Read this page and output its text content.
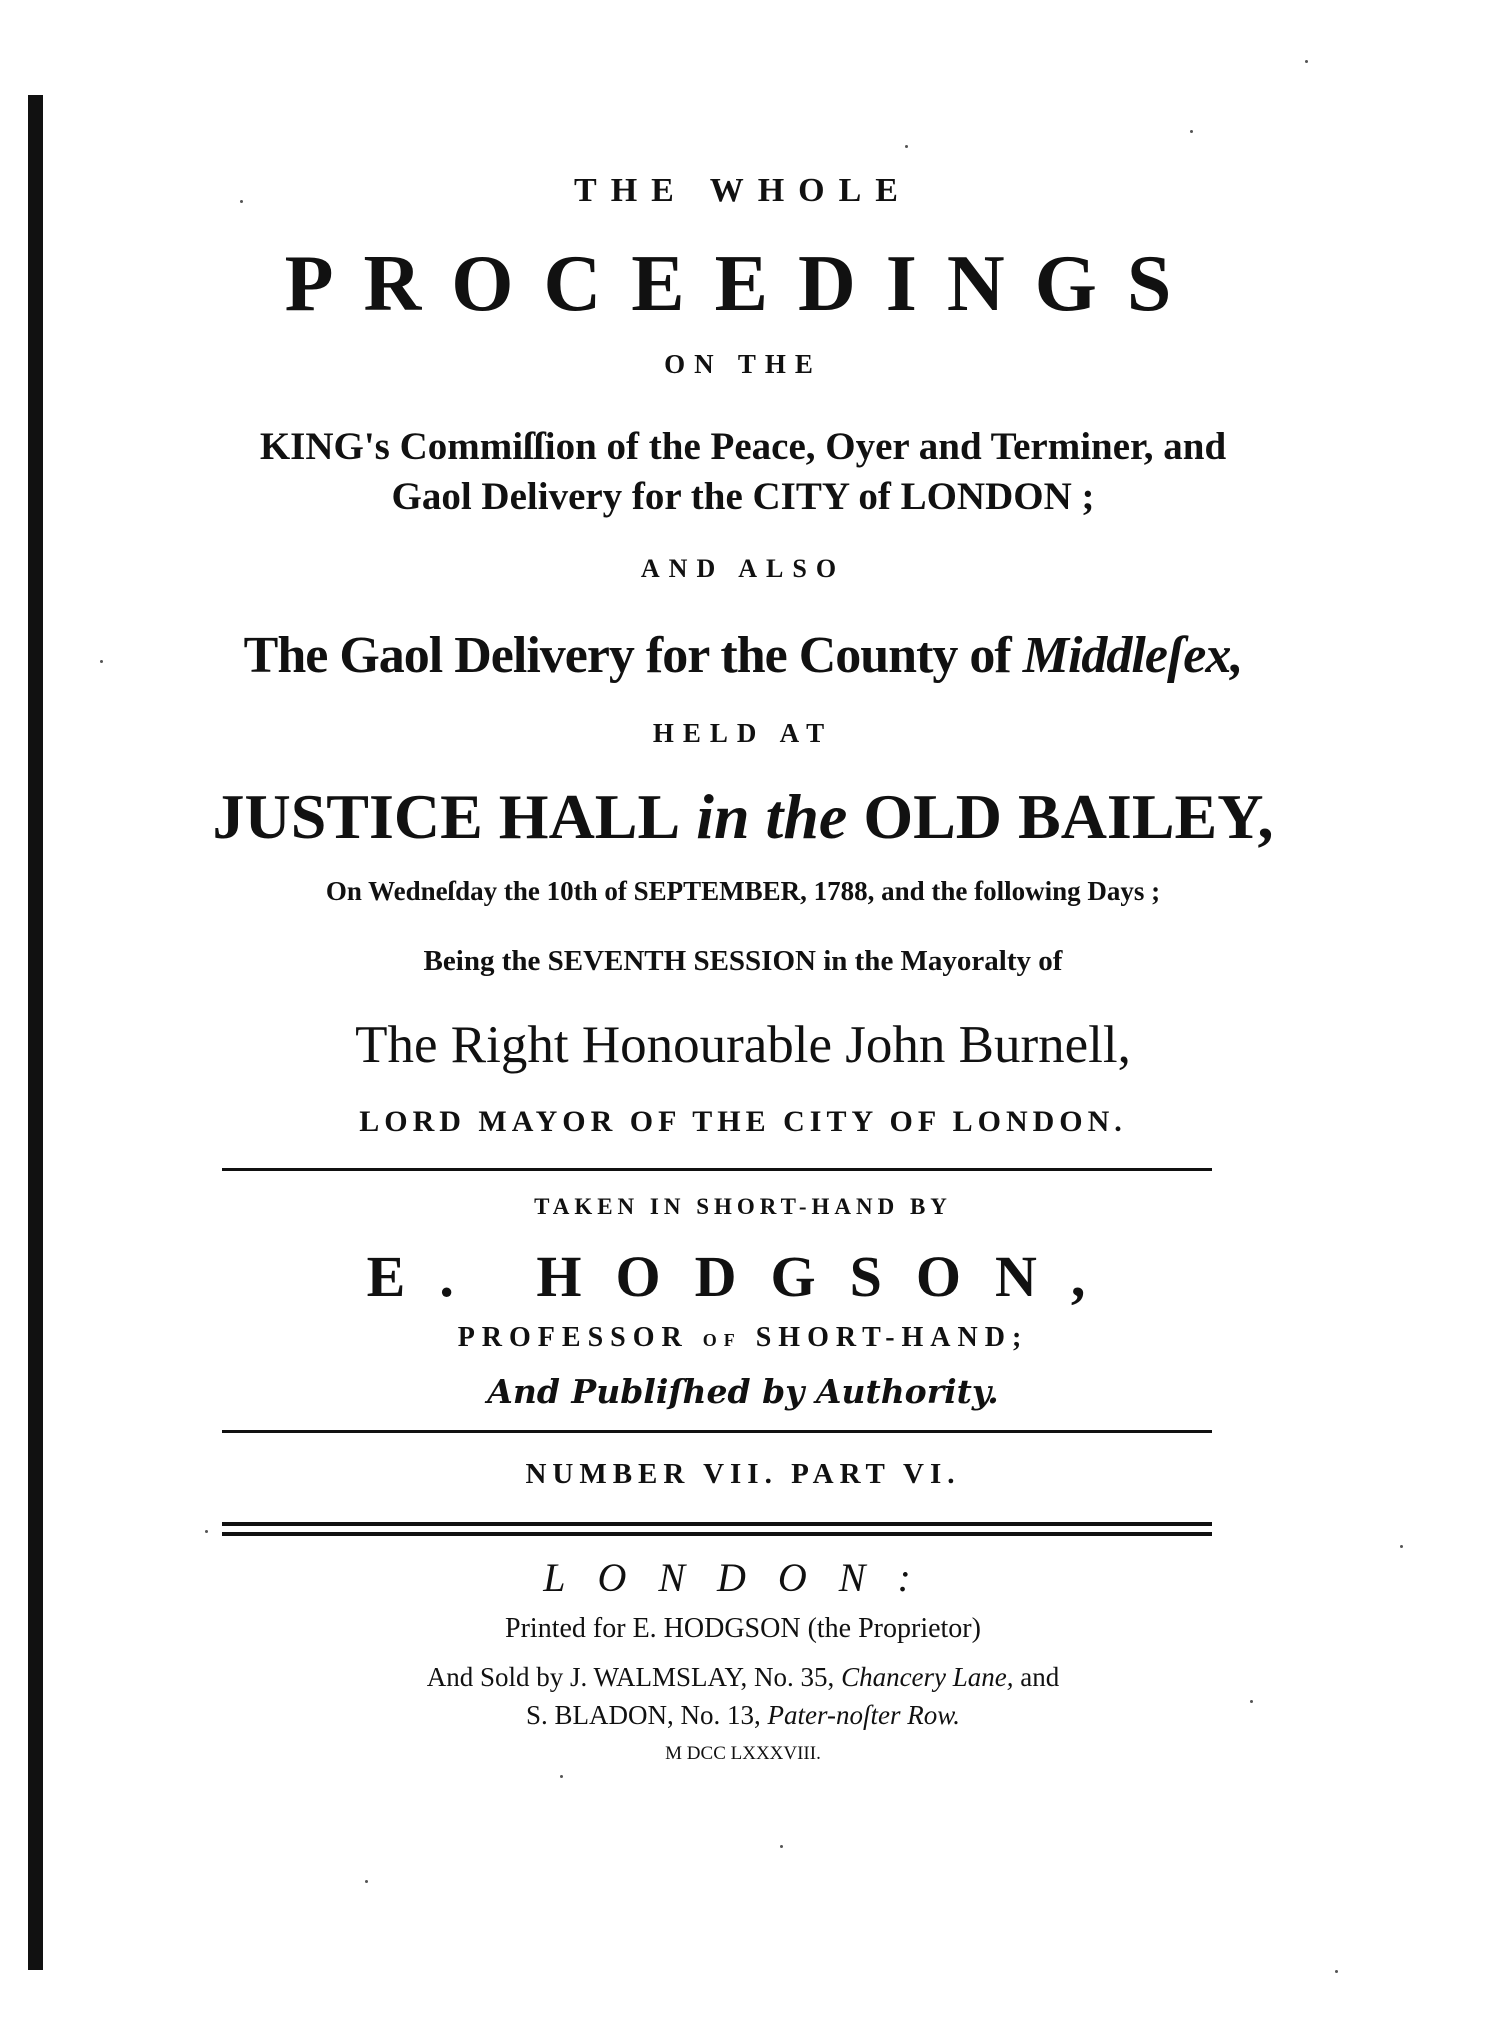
THE WHOLE
PROCEEDINGS
ON THE
KING's Commiſſion of the Peace, Oyer and Terminer, and
Gaol Delivery for the CITY of LONDON ;
AND ALSO
The Gaol Delivery for the County of Middleſex,
HELD AT
JUSTICE HALL in the OLD BAILEY,
On Wedneſday the 10th of SEPTEMBER, 1788, and the following Days ;
Being the SEVENTH SESSION in the Mayoralty of
The Right Honourable John Burnell,
LORD MAYOR OF THE CITY OF LONDON.
TAKEN IN SHORT-HAND BY
E. HODGSON,
PROFESSOR OF SHORT-HAND;
And Publiſhed by Authority.
NUMBER VII. PART VI.
LONDON:
Printed for E. HODGSON (the Proprietor)
And Sold by J. WALMSLAY, No. 35, Chancery Lane, and
S. BLADON, No. 13, Pater-noſter Row.
M DCC LXXXVIII.
